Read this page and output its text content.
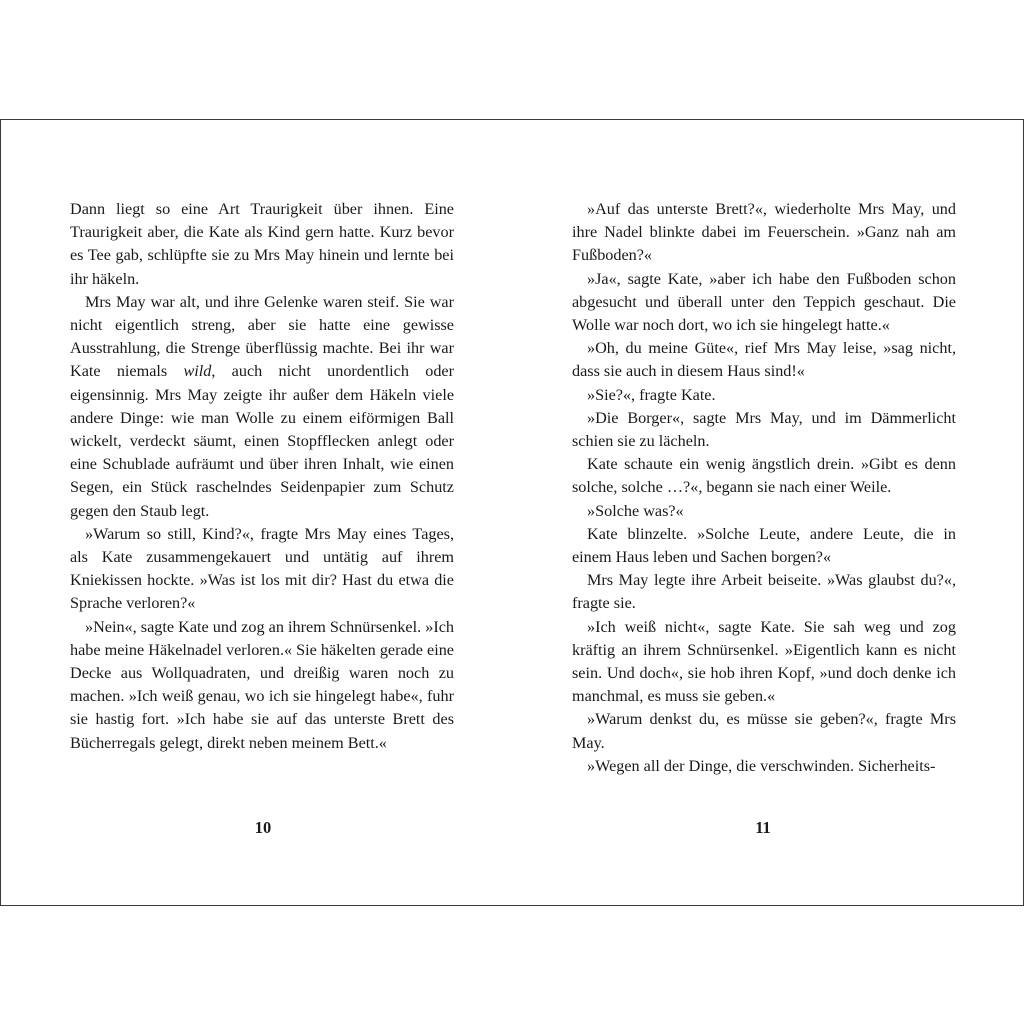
Dann liegt so eine Art Traurigkeit über ihnen. Eine Traurigkeit aber, die Kate als Kind gern hatte. Kurz bevor es Tee gab, schlüpfte sie zu Mrs May hinein und lernte bei ihr häkeln.

Mrs May war alt, und ihre Gelenke waren steif. Sie war nicht eigentlich streng, aber sie hatte eine gewisse Ausstrahlung, die Strenge überflüssig machte. Bei ihr war Kate niemals wild, auch nicht unordentlich oder eigensinnig. Mrs May zeigte ihr außer dem Häkeln viele andere Dinge: wie man Wolle zu einem eiförmigen Ball wickelt, verdeckt säumt, einen Stopfflecken anlegt oder eine Schublade aufräumt und über ihren Inhalt, wie einen Segen, ein Stück raschelndes Seidenpapier zum Schutz gegen den Staub legt.

»Warum so still, Kind?«, fragte Mrs May eines Tages, als Kate zusammengekauert und untätig auf ihrem Kniekissen hockte. »Was ist los mit dir? Hast du etwa die Sprache verloren?«

»Nein«, sagte Kate und zog an ihrem Schnürsenkel. »Ich habe meine Häkelnadel verloren.« Sie häkelten gerade eine Decke aus Wollquadraten, und dreißig waren noch zu machen. »Ich weiß genau, wo ich sie hingelegt habe«, fuhr sie hastig fort. »Ich habe sie auf das unterste Brett des Bücherregals gelegt, direkt neben meinem Bett.«

10

»Auf das unterste Brett?«, wiederholte Mrs May, und ihre Nadel blinkte dabei im Feuerschein. »Ganz nah am Fußboden?«

»Ja«, sagte Kate, »aber ich habe den Fußboden schon abgesucht und überall unter den Teppich geschaut. Die Wolle war noch dort, wo ich sie hingelegt hatte.«

»Oh, du meine Güte«, rief Mrs May leise, »sag nicht, dass sie auch in diesem Haus sind!«

»Sie?«, fragte Kate.

»Die Borger«, sagte Mrs May, und im Dämmerlicht schien sie zu lächeln.

Kate schaute ein wenig ängstlich drein. »Gibt es denn solche, solche …?«, begann sie nach einer Weile.

»Solche was?«

Kate blinzelte. »Solche Leute, andere Leute, die in einem Haus leben und Sachen borgen?«

Mrs May legte ihre Arbeit beiseite. »Was glaubst du?«, fragte sie.

»Ich weiß nicht«, sagte Kate. Sie sah weg und zog kräftig an ihrem Schnürsenkel. »Eigentlich kann es nicht sein. Und doch«, sie hob ihren Kopf, »und doch denke ich manchmal, es muss sie geben.«

»Warum denkst du, es müsse sie geben?«, fragte Mrs May.

»Wegen all der Dinge, die verschwinden. Sicherheits-

11
